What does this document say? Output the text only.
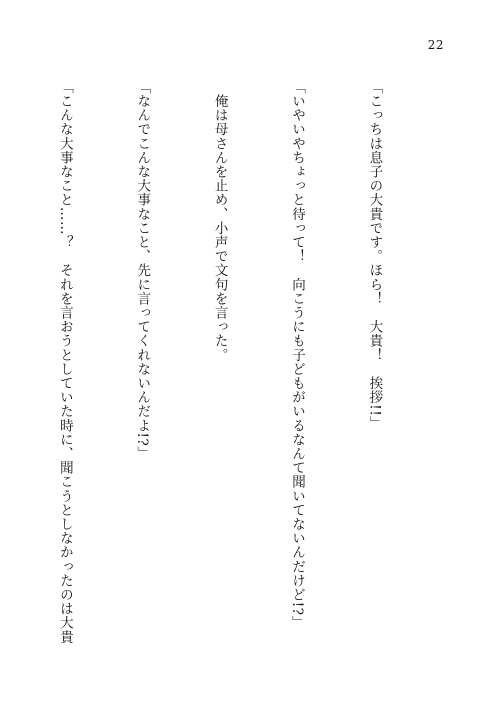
22

「こっちは息子の大貴です。ほら！　大貴！　挨拶!!」

「いやいやちょっと待って！　向こうにも子どもがいるなんて聞いてないんだけど!?」

　俺は母さんを止め、小声で文句を言った。

「なんでこんな大事なこと、先に言ってくれないんだよ!?」

「こんな大事なこと……？　それを言おうとしていた時に、聞こうとしなかったのは大貴
